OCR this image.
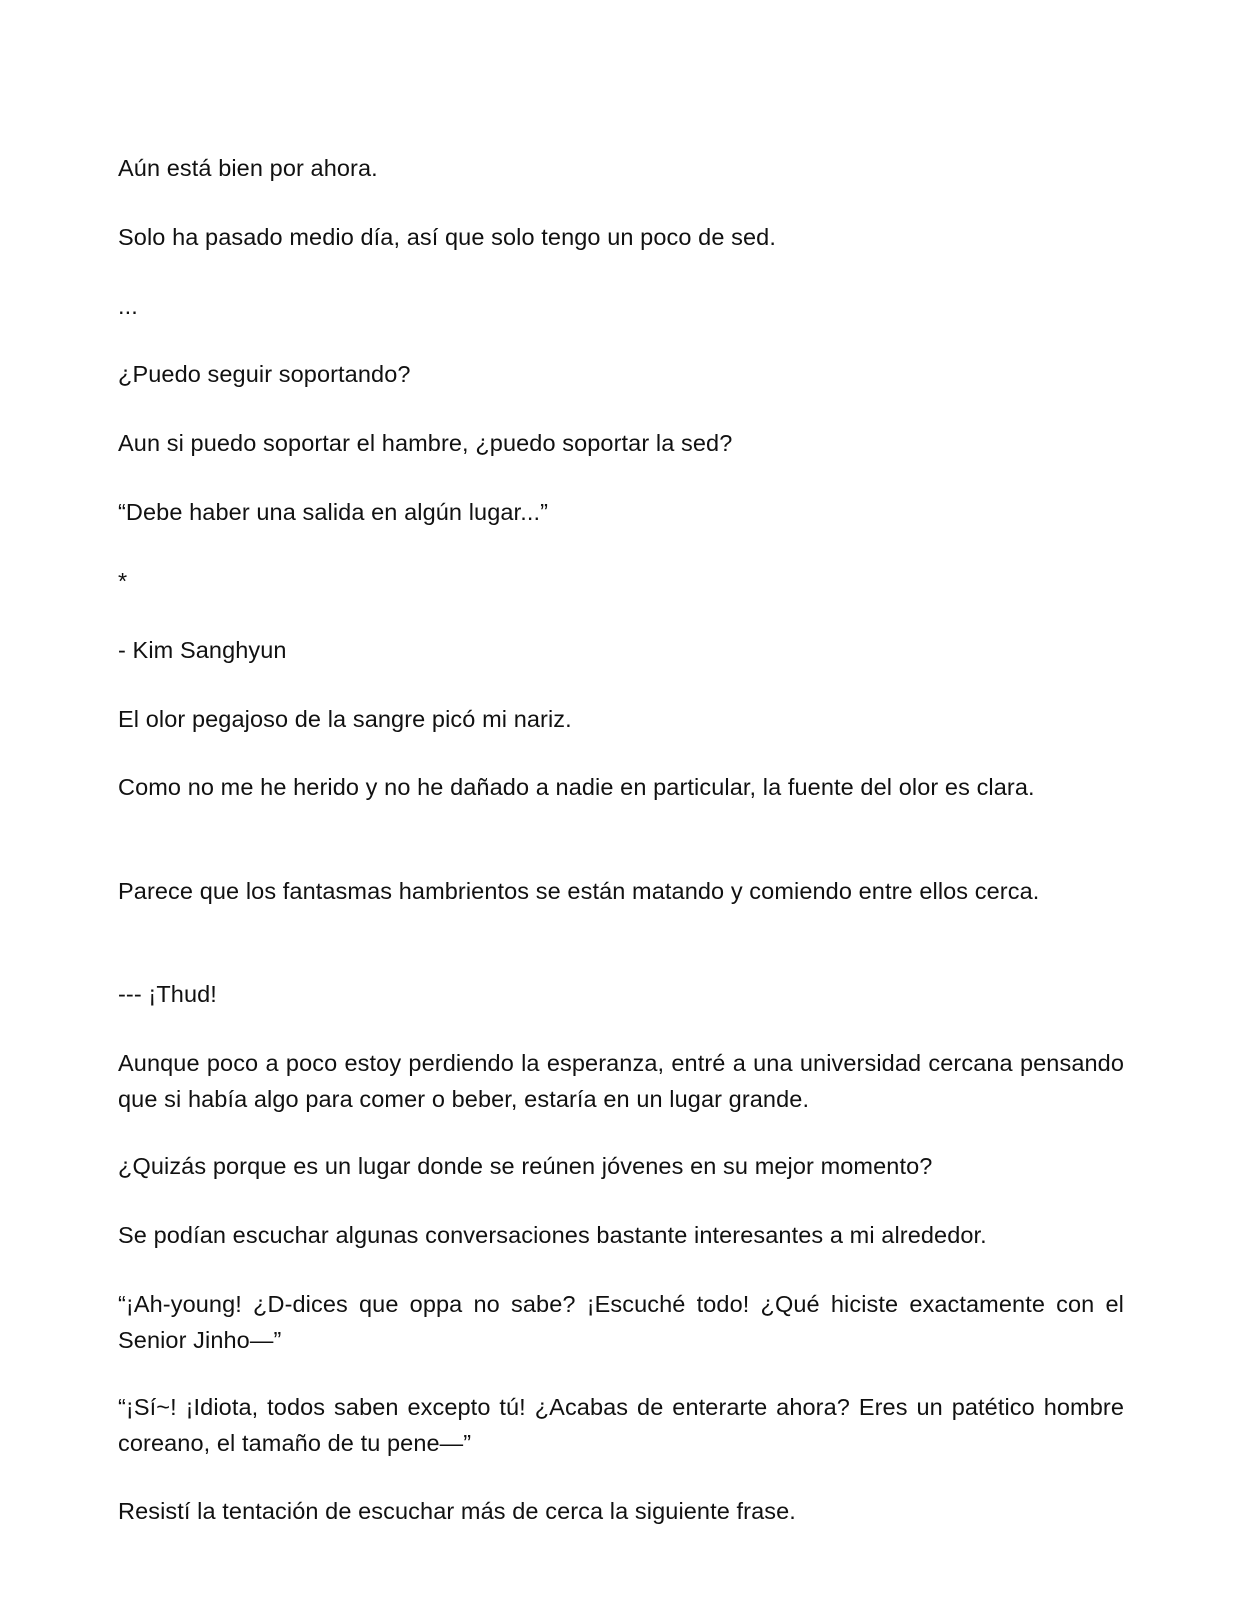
Aún está bien por ahora.

Solo ha pasado medio día, así que solo tengo un poco de sed.

...

¿Puedo seguir soportando?

Aun si puedo soportar el hambre, ¿puedo soportar la sed?

“Debe haber una salida en algún lugar...”

*

- Kim Sanghyun

El olor pegajoso de la sangre picó mi nariz.

Como no me he herido y no he dañado a nadie en particular, la fuente del olor es clara.

Parece que los fantasmas hambrientos se están matando y comiendo entre ellos cerca.

--- ¡Thud!

Aunque poco a poco estoy perdiendo la esperanza, entré a una universidad cercana pensando que si había algo para comer o beber, estaría en un lugar grande.

¿Quizás porque es un lugar donde se reúnen jóvenes en su mejor momento?

Se podían escuchar algunas conversaciones bastante interesantes a mi alrededor.

“¡Ah-young! ¿D-dices que oppa no sabe? ¡Escuché todo! ¿Qué hiciste exactamente con el Senior Jinho—”

“¡Sí~! ¡Idiota, todos saben excepto tú! ¿Acabas de enterarte ahora? Eres un patético hombre coreano, el tamaño de tu pene—”

Resistí la tentación de escuchar más de cerca la siguiente frase.
